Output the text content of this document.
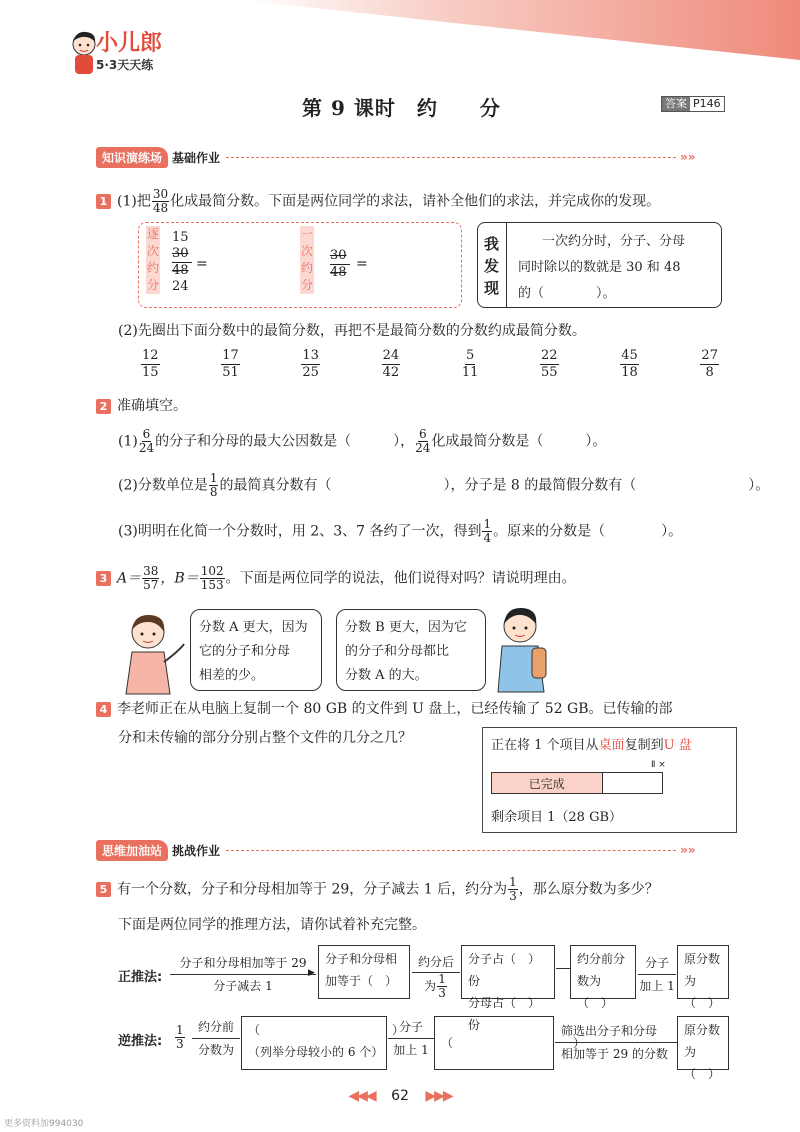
小儿郎
5·3天天练
第 9 课时　约　　分	答案 P146
知识演练场 基础作业	»»
1 (1)把 $\frac{30}{48}$ 化成最简分数。下面是两位同学的求法，请补全他们的求法，并完成你的发现。
逐
次
约
分
15
30
48
24
=
一
次
约
分
30
48
=
我
发
现
一次约分时，分子、分母
同时除以的数就是 30 和 48
的（　　　　）。
(2)先圈出下面分数中的最简分数，再把不是最简分数的分数约成最简分数。
$\frac{12}{15}$	$\frac{17}{51}$	$\frac{13}{25}$	$\frac{24}{42}$	$\frac{5}{11}$	$\frac{22}{55}$	$\frac{45}{18}$	$\frac{27}{8}$
2 准确填空。
$(1) \frac{6}{24}$ 的分子和分母的最大公因数是（　　　）， $\frac{6}{24}$ 化成最简分数是（　　　）。
(2)分数单位是 $\frac{1}{8}$ 的最简真分数有（　　　　　　　　），分子是 8 的最简假分数有（　　　　　　　　）。
(3)明明在化简一个分数时，用 2、3、7 各约了一次，得到 $\frac{1}{4}$ 。原来的分数是（　　　　）。
3 $A= \frac{38}{57}$ ，$B= \frac{102}{153}$ 。下面是两位同学的说法，他们说得对吗？请说明理由。
分数 A 更大，因为
它的分子和分母
相差的少。
分数 B 更大，因为它
的分子和分母都比
分数 A 的大。
4 李老师正在从电脑上复制一个 80 GB 的文件到 U 盘上，已经传输了 52 GB。已传输的部
分和未传输的部分分别占整个文件的几分之几？	正在将 1 个项目从桌面复制到U 盘
Ⅱ ×
已完成
剩余项目 1（28 GB）
思维加油站 挑战作业	»»
5 有一个分数，分子和分母相加等于 29，分子减去 1 后，约分为 $\frac{1}{3}$ ，那么原分数为多少？
下面是两位同学的推理方法，请你试着补充完整。
正推法:
分子和分母相加等于 29
分子减去 1
▶
分子和分母相
加等于（　）
约分后
为 $\frac{1}{3}$
分子占（　）份
分母占（　）份
约分前分
数为（　）
分子
加上 1
原分数
为（　）
逆推法: $\frac{1}{3}$	约分前
分数为
（　　　　　　　　　　　）
（列举分母较小的 6 个）
分子
加上 1	（　　　　　　　　　　）
筛选出分子和分母
相加等于 29 的分数
原分数
为（　）
◀◀◀ 62 ▶▶▶
更多资料加994030
